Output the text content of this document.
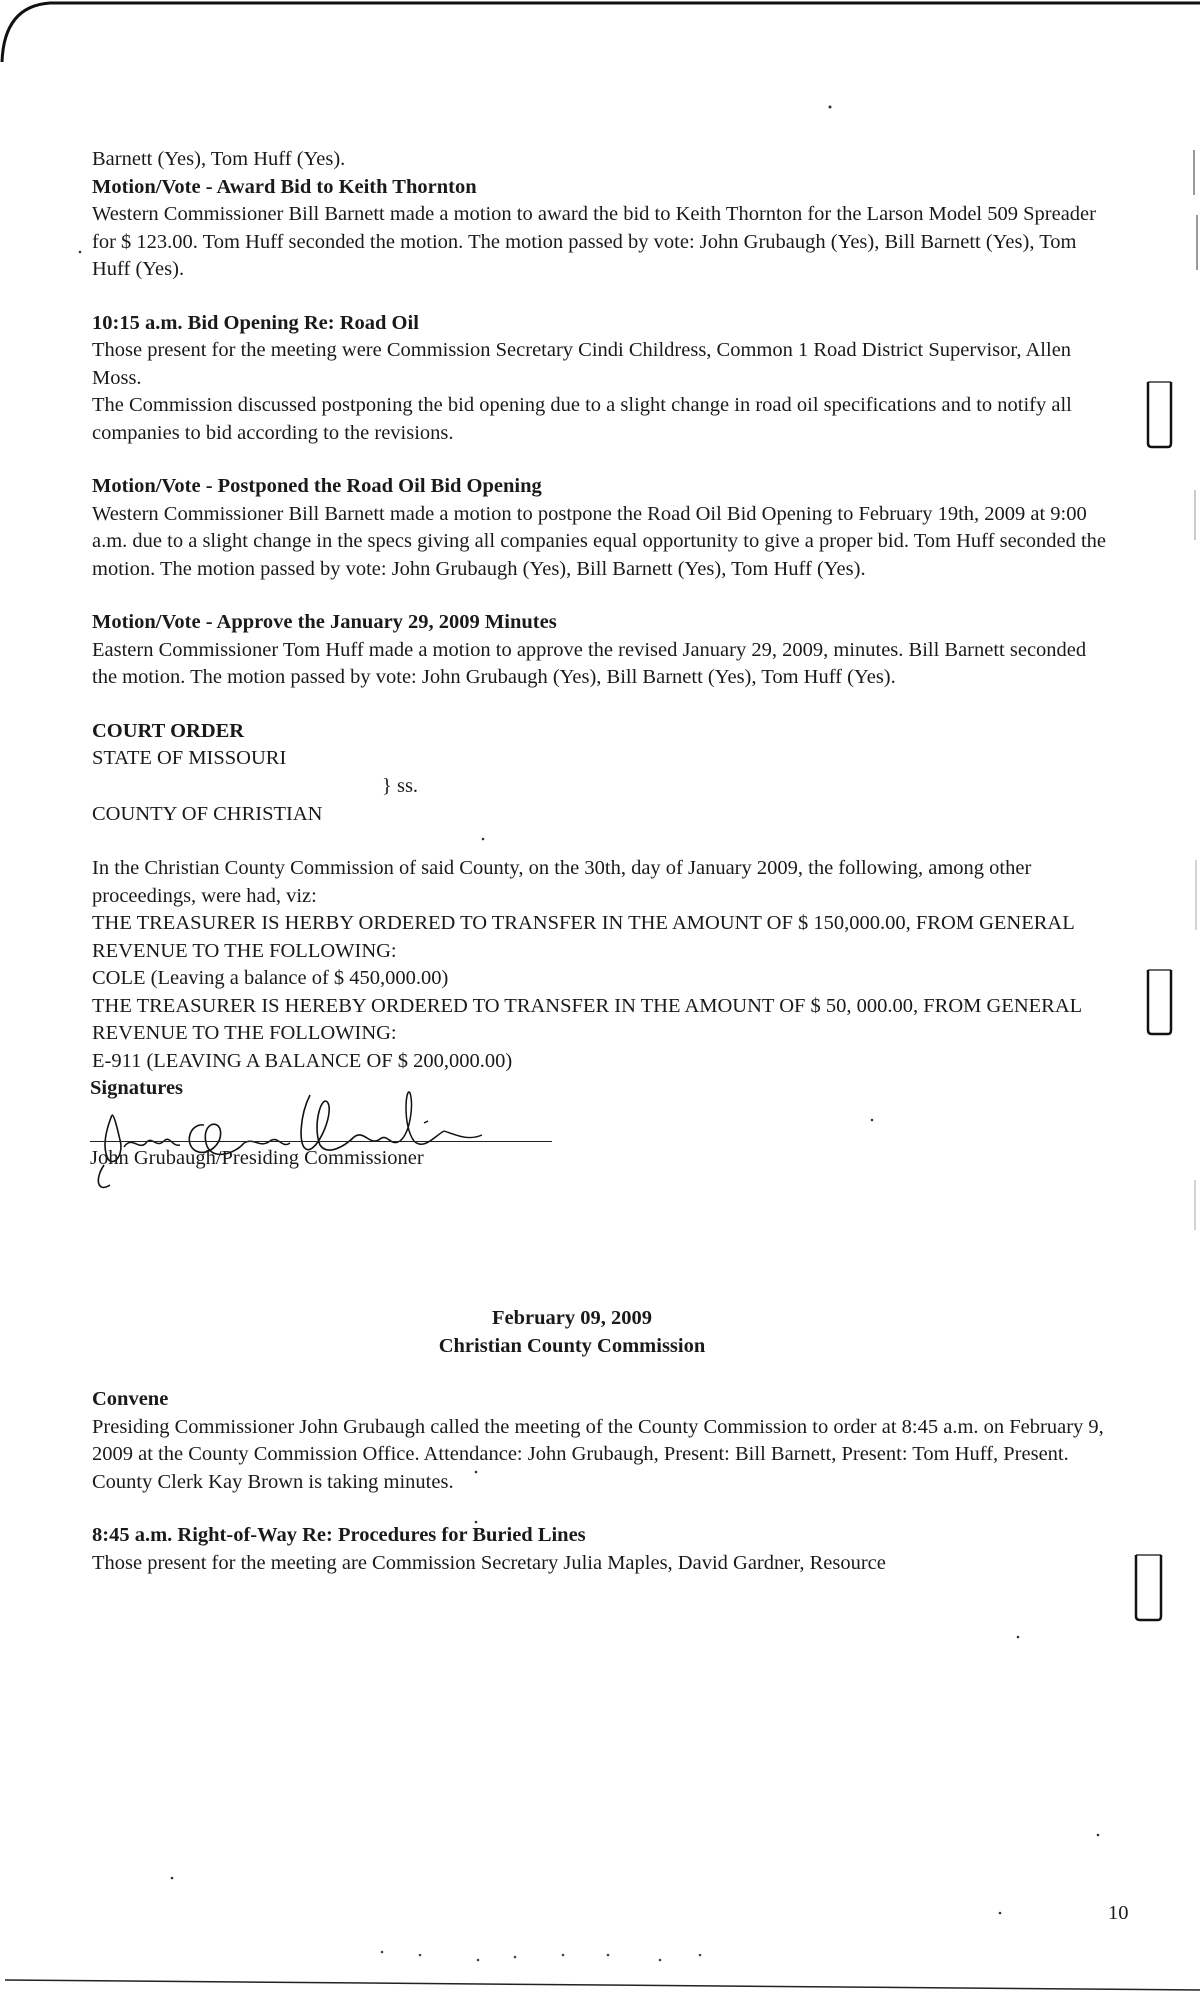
Barnett (Yes), Tom Huff (Yes).

Motion/Vote - Award Bid to Keith Thornton

Western Commissioner Bill Barnett made a motion to award the bid to Keith Thornton for the Larson Model 509 Spreader for $ 123.00. Tom Huff seconded the motion. The motion passed by vote: John Grubaugh (Yes), Bill Barnett (Yes), Tom Huff (Yes).

10:15 a.m. Bid Opening Re: Road Oil

Those present for the meeting were Commission Secretary Cindi Childress, Common 1 Road District Supervisor, Allen Moss.

The Commission discussed postponing the bid opening due to a slight change in road oil specifications and to notify all companies to bid according to the revisions.

Motion/Vote - Postponed the Road Oil Bid Opening

Western Commissioner Bill Barnett made a motion to postpone the Road Oil Bid Opening to February 19th, 2009 at 9:00 a.m. due to a slight change in the specs giving all companies equal opportunity to give a proper bid. Tom Huff seconded the motion. The motion passed by vote: John Grubaugh (Yes), Bill Barnett (Yes), Tom Huff (Yes).

Motion/Vote - Approve the January 29, 2009 Minutes

Eastern Commissioner Tom Huff made a motion to approve the revised January 29, 2009, minutes. Bill Barnett seconded the motion. The motion passed by vote: John Grubaugh (Yes), Bill Barnett (Yes), Tom Huff (Yes).

COURT ORDER

STATE OF MISSOURI
} ss.
COUNTY OF CHRISTIAN

In the Christian County Commission of said County, on the 30th, day of January 2009, the following, among other proceedings, were had, viz:

THE TREASURER IS HERBY ORDERED TO TRANSFER IN THE AMOUNT OF $ 150,000.00, FROM GENERAL REVENUE TO THE FOLLOWING:

COLE (Leaving a balance of $ 450,000.00)

THE TREASURER IS HEREBY ORDERED TO TRANSFER IN THE AMOUNT OF $ 50, 000.00, FROM GENERAL REVENUE TO THE FOLLOWING:

E-911 (LEAVING A BALANCE OF $ 200,000.00)

Signatures
John Grubaugh/Presiding Commissioner

February 09, 2009

Christian County Commission

Convene

Presiding Commissioner John Grubaugh called the meeting of the County Commission to order at 8:45 a.m. on February 9, 2009 at the County Commission Office. Attendance: John Grubaugh, Present: Bill Barnett, Present: Tom Huff, Present. County Clerk Kay Brown is taking minutes.

8:45 a.m. Right-of-Way Re: Procedures for Buried Lines

Those present for the meeting are Commission Secretary Julia Maples, David Gardner, Resource

10
